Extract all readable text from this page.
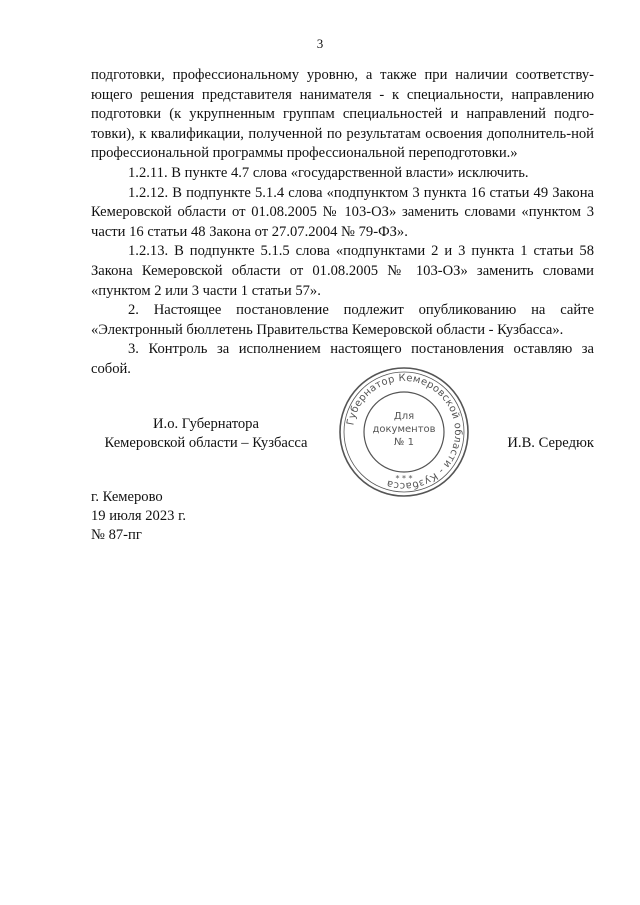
3

подготовки, профессиональному уровню, а также при наличии соответству-ющего решения представителя нанимателя - к специальности, направлению подготовки (к укрупненным группам специальностей и направлений подго-товки), к квалификации, полученной по результатам освоения дополнитель-ной профессиональной программы профессиональной переподготовки.»

1.2.11. В пункте 4.7 слова «государственной власти» исключить.

1.2.12. В подпункте 5.1.4 слова «подпунктом 3 пункта 16 статьи 49 Закона Кемеровской области от 01.08.2005 № 103-ОЗ» заменить словами «пунктом 3 части 16 статьи 48 Закона от 27.07.2004 № 79-ФЗ».

1.2.13. В подпункте 5.1.5 слова «подпунктами 2 и 3 пункта 1 статьи 58 Закона Кемеровской области от 01.08.2005 № 103-ОЗ» заменить словами «пунктом 2 или 3 части 1 статьи 57».

2. Настоящее постановление подлежит опубликованию на сайте «Электронный бюллетень Правительства Кемеровской области - Кузбасса».

3. Контроль за исполнением настоящего постановления оставляю за собой.

И.о. Губернатора
Кемеровской области – Кузбасса
Губернатор Кемеровской области - Кузбасса
Для
документов
№ 1
* * *
И.В. Середюк
г. Кемерово
19 июля 2023 г.
№ 87-пг
